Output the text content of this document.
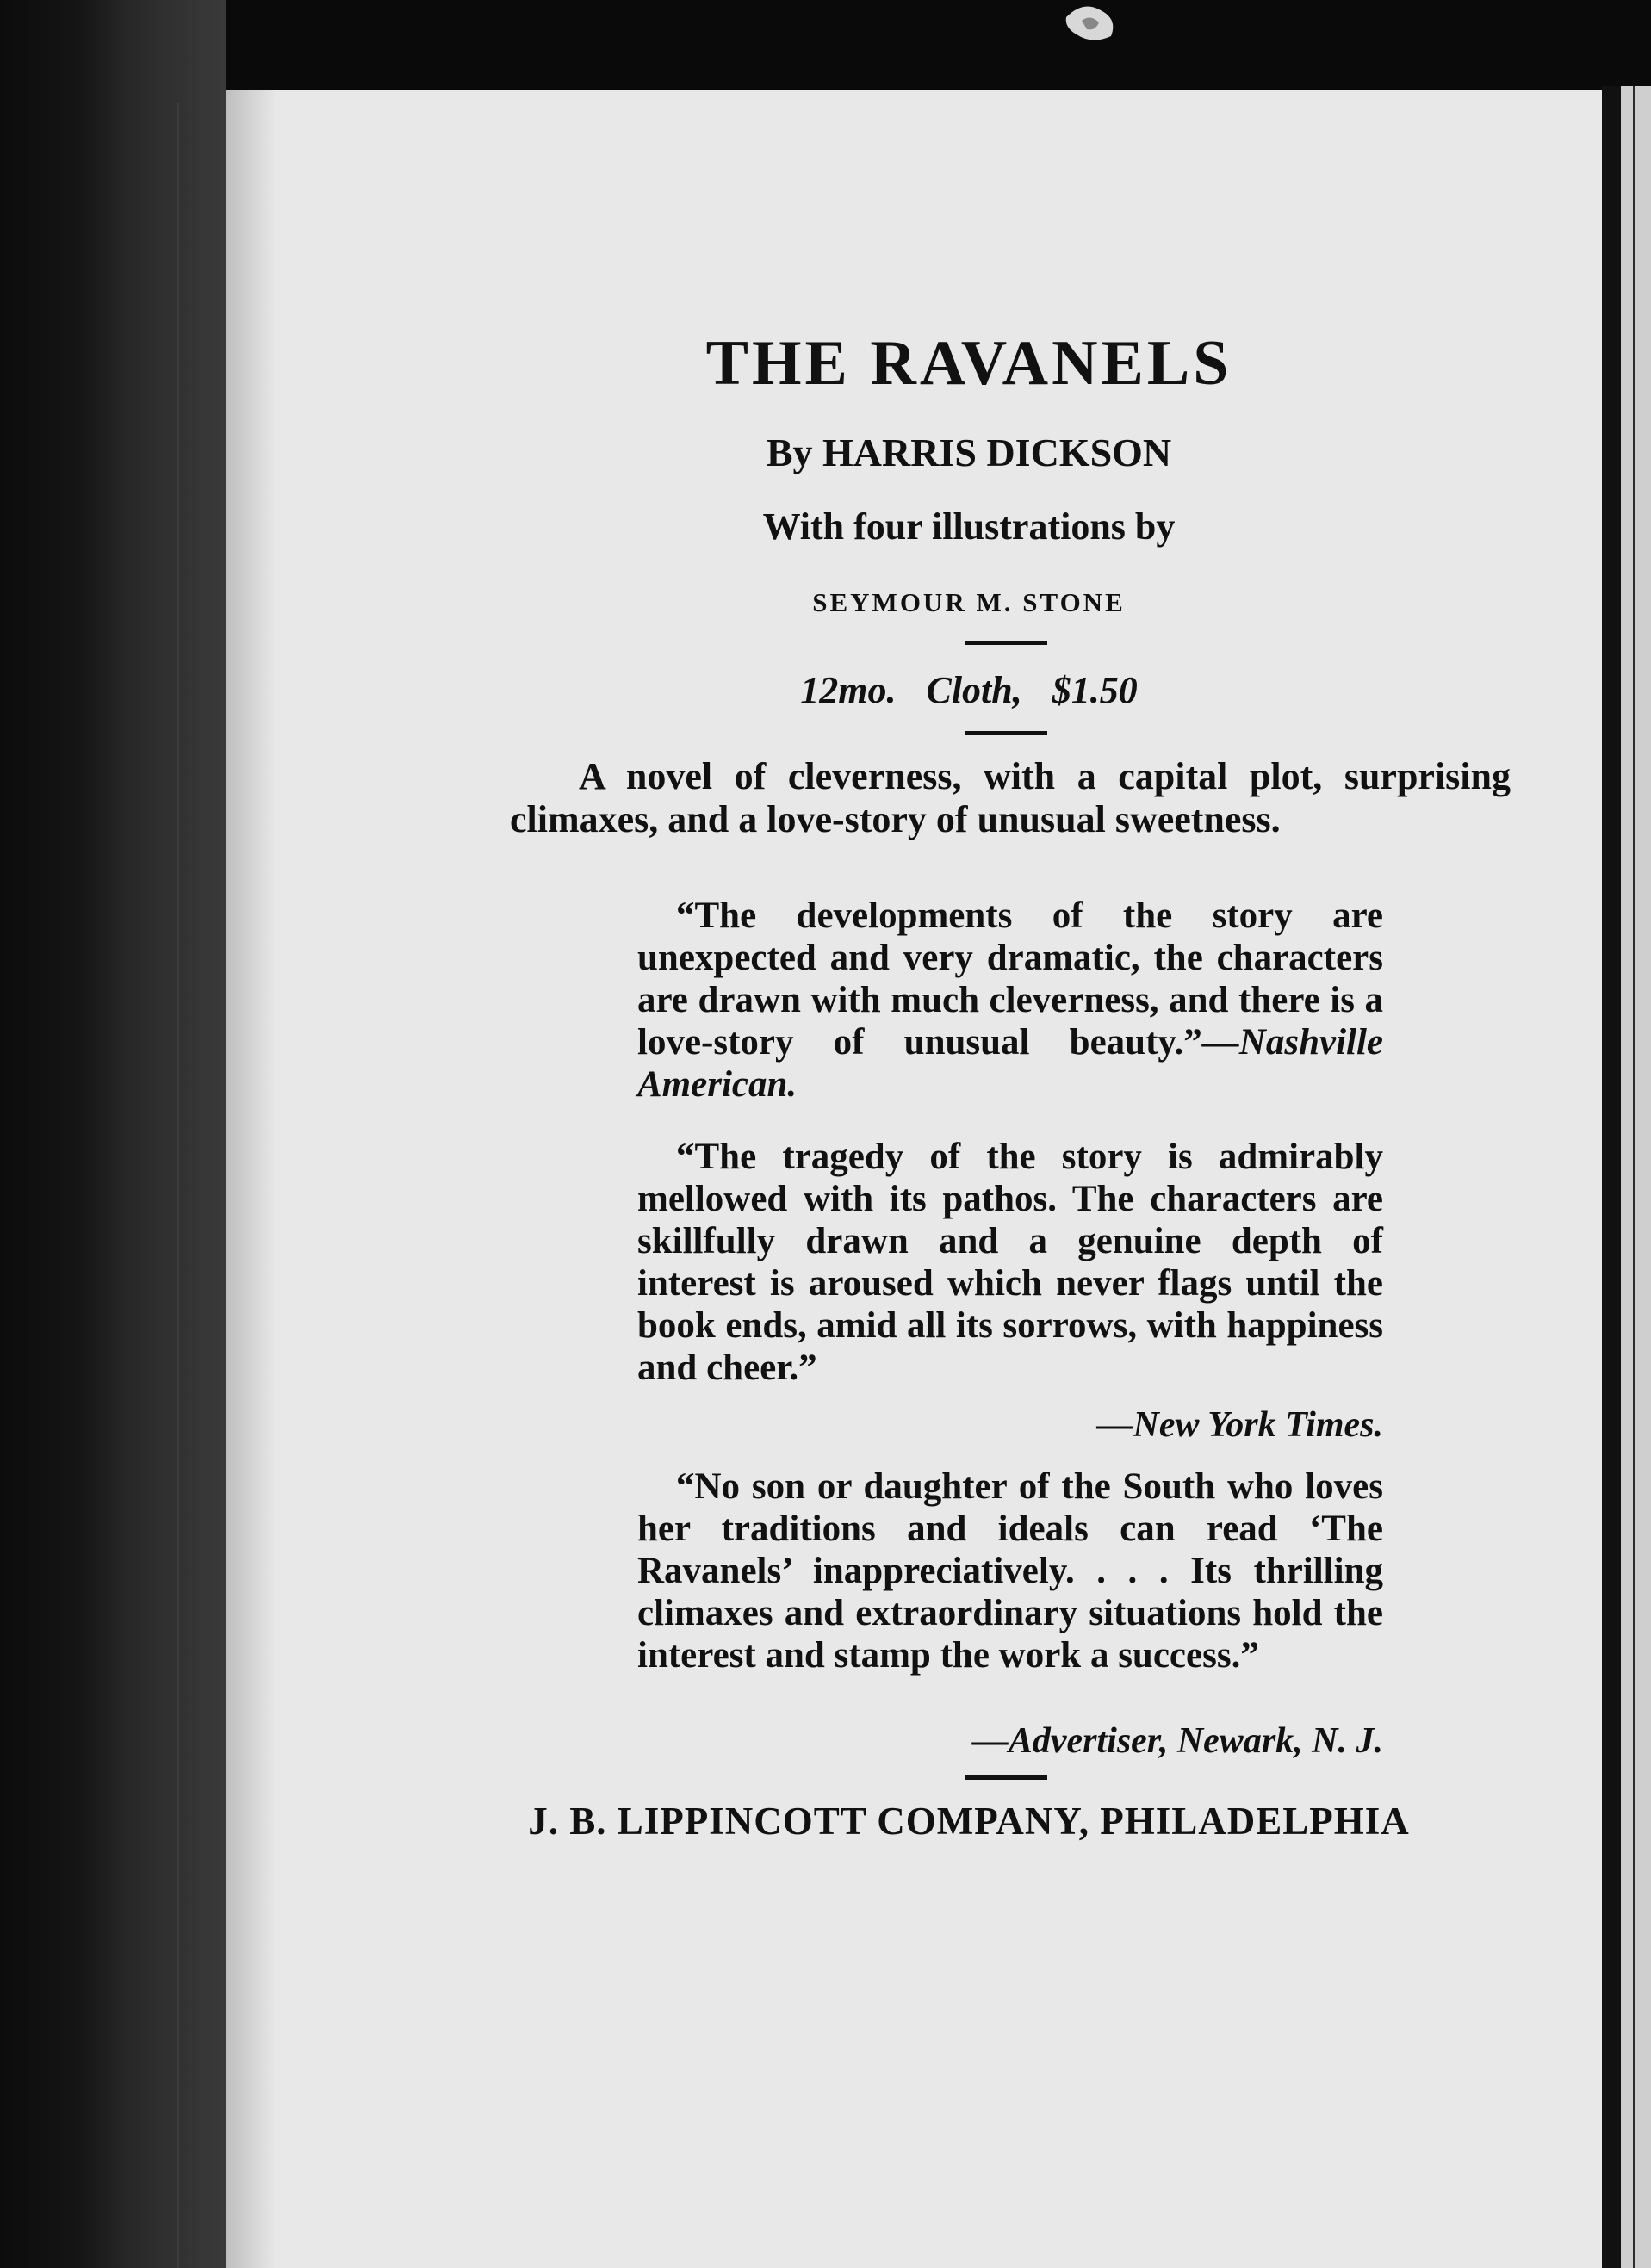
THE RAVANELS

By HARRIS DICKSON

With four illustrations by

SEYMOUR M. STONE

12mo. Cloth, $1.50

A novel of cleverness, with a capital plot, surprising climaxes, and a love-story of unusual sweetness.

“The developments of the story are unexpected and very dramatic, the characters are drawn with much cleverness, and there is a love-story of unusual beauty.”—Nashville American.

“The tragedy of the story is admirably mellowed with its pathos. The characters are skillfully drawn and a genuine depth of interest is aroused which never flags until the book ends, amid all its sorrows, with happiness and cheer.”

—New York Times.

“No son or daughter of the South who loves her traditions and ideals can read ‘The Ravanels’ inappreciatively. . . . Its thrilling climaxes and extraordinary situations hold the interest and stamp the work a success.”

—Advertiser, Newark, N. J.

J. B. LIPPINCOTT COMPANY, PHILADELPHIA
